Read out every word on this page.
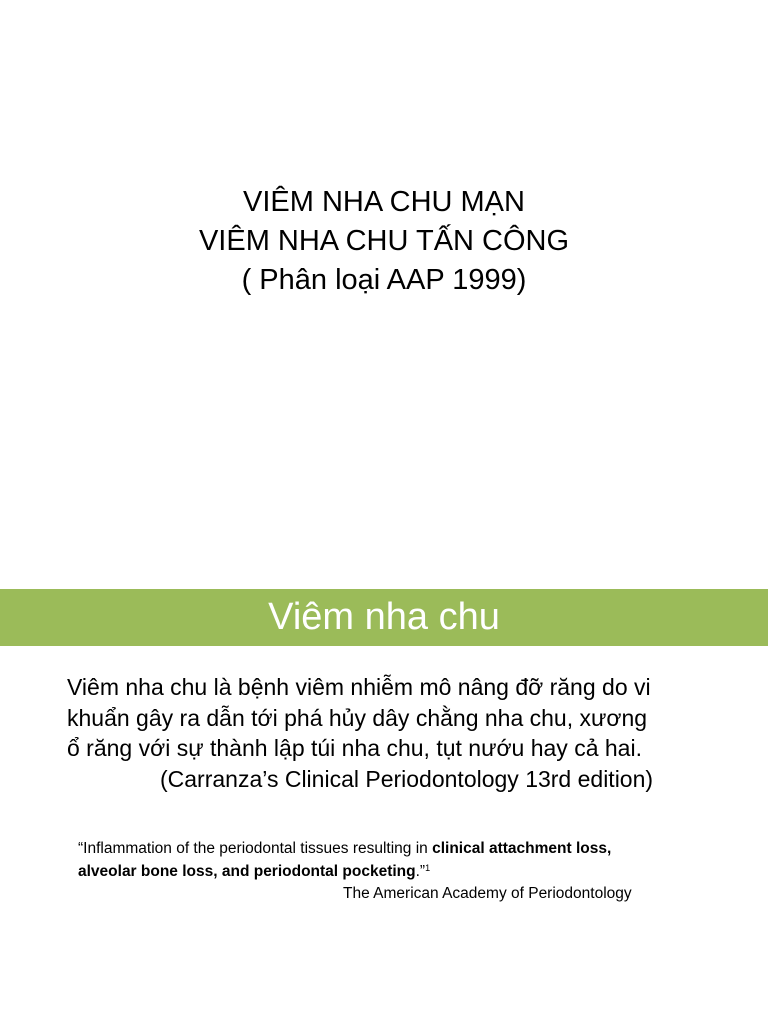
VIÊM NHA CHU MẠN
VIÊM NHA CHU TẤN CÔNG
( Phân loại AAP 1999)
Viêm nha chu
Viêm nha chu là bệnh viêm nhiễm mô nâng đỡ răng do vi
khuẩn gây ra dẫn tới phá hủy dây chằng nha chu, xương
ổ răng với sự thành lập túi nha chu, tụt nướu hay cả hai.
(Carranza’s Clinical Periodontology 13rd edition)
“Inflammation of the periodontal tissues resulting in clinical attachment loss,
alveolar bone loss, and periodontal pocketing.”$^1$
The American Academy of Periodontology
